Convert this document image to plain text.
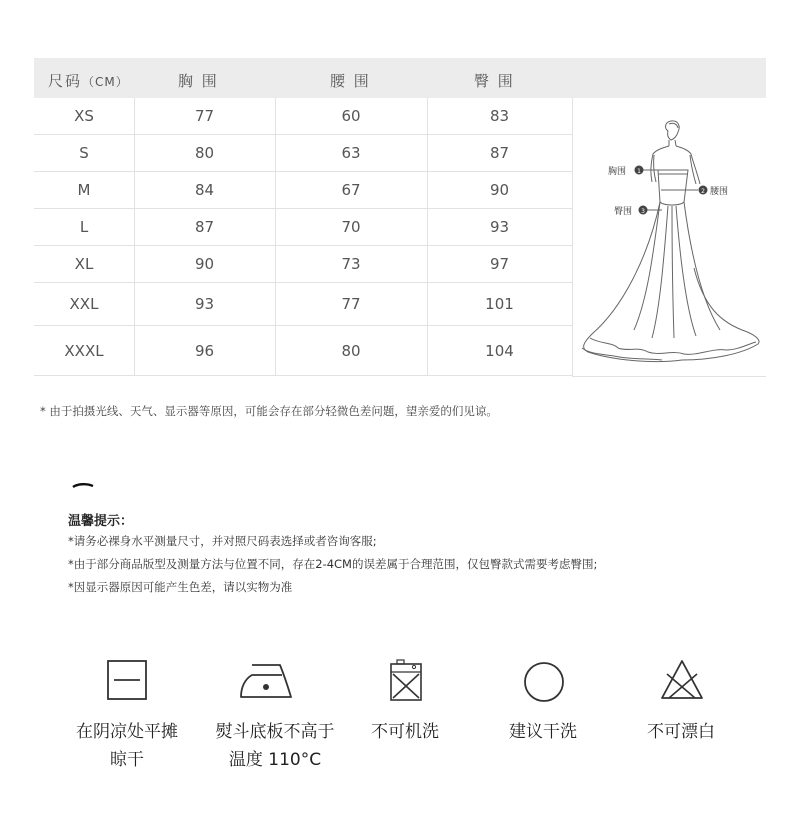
尺码（CM）	胸 围	腰 围	臀 围
XS	77	60	83
S	80	63	87
M	84	67	90
L	87	70	93
XL	90	73	97
XXL	93	77	101
XXXL	96	80	104
1
胸围
2 腰围
3
臀围
* 由于拍摄光线、天气、显示器等原因，可能会存在部分轻微色差问题，望亲爱的们见谅。
温馨提示：
*请务必裸身水平测量尺寸，并对照尺码表选择或者咨询客服;
*由于部分商品版型及测量方法与位置不同，存在2-4CM的误差属于合理范围，仅包臀款式需要考虑臀围;
*因显示器原因可能产生色差，请以实物为准
在阴凉处平摊
晾干
熨斗底板不高于
温度 110°C
不可机洗	建议干洗	不可漂白
